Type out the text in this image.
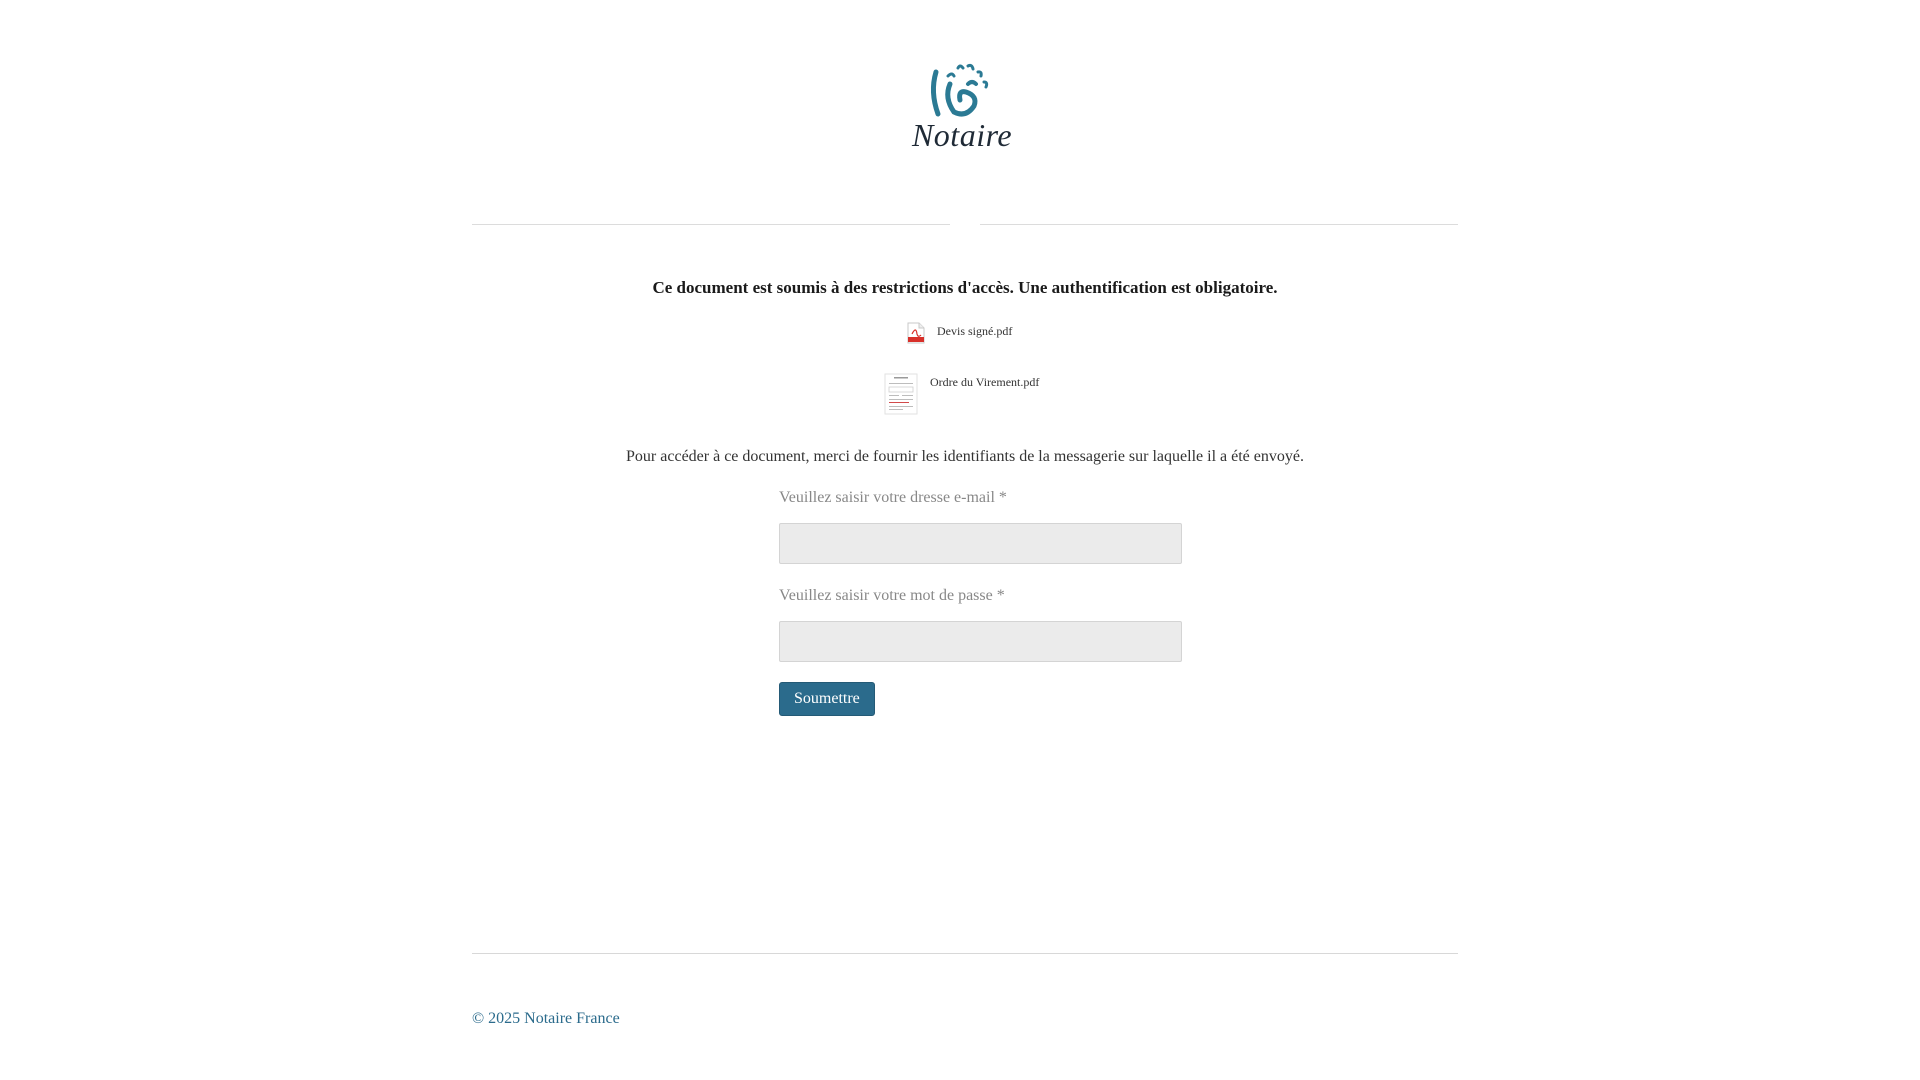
Notaire
Ce document est soumis à des restrictions d'accès. Une authentification est obligatoire.
Devis signé.pdf
Ordre du Virement.pdf
Pour accéder à ce document, merci de fournir les identifiants de la messagerie sur laquelle il a été envoyé.
Veuillez saisir votre dresse e-mail *
Veuillez saisir votre mot de passe *
Soumettre
© 2025 Notaire France
